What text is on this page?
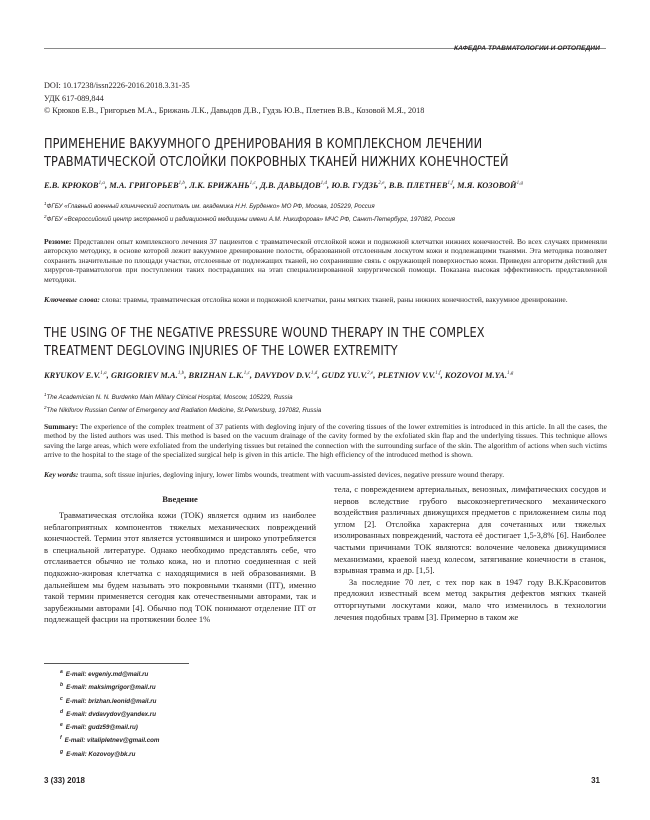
КАФЕДРА ТРАВМАТОЛОГИИ И ОРТОПЕДИИ
DOI: 10.17238/issn2226-2016.2018.3.31-35
УДК 617-089,844
© Крюков Е.В., Григорьев М.А., Брижань Л.К., Давыдов Д.В., Гудзь Ю.В., Плетнев В.В., Козовой М.Я., 2018
ПРИМЕНЕНИЕ ВАКУУМНОГО ДРЕНИРОВАНИЯ В КОМПЛЕКСНОМ ЛЕЧЕНИИ
ТРАВМАТИЧЕСКОЙ ОТСЛОЙКИ ПОКРОВНЫХ ТКАНЕЙ НИЖНИХ КОНЕЧНОСТЕЙ
Е.В. КРЮКОВ$^{1,a}$, М.А. ГРИГОРЬЕВ$^{1,b}$, Л.К. БРИЖАНЬ$^{1,c}$, Д.В. ДАВЫДОВ$^{1,d}$, Ю.В. ГУДЗЬ$^{2,e}$, В.В. ПЛЕТНЕВ$^{1,f}$, М.Я. КОЗОВОЙ$^{1,g}$
$^1$ФГБУ «Главный военный клинический госпиталь им. академика Н.Н. Бурденко» МО РФ, Москва, 105229, Россия
$^2$ФГБУ «Всероссийский центр экстренной и радиационной медицины имени А.М. Никифорова» МЧС РФ, Санкт-Петербург, 197082, Россия
Резюме: Представлен опыт комплексного лечения 37 пациентов с травматической отслойкой кожи и подкожной клетчатки нижних конечностей. Во всех случаях применяли авторскую методику, в основе которой лежит вакуумное дренирование полости, образованной отслоенным лоскутом кожи и подлежащими тканями. Эта методика позволяет сохранить значительные по площади участки, отслоенные от подлежащих тканей, но сохранившие связь с окружающей поверхностью кожи. Приведен алгоритм действий для хирургов-травматологов при поступлении таких пострадавших на этап специализированной хирургической помощи. Показана высокая эффективность представленной методики.
Ключевые слова: слова: травмы, травматическая отслойка кожи и подкожной клетчатки, раны мягких тканей, раны нижних конечностей, вакуумное дренирование.
THE USING OF THE NEGATIVE PRESSURE WOUND THERAPY IN THE COMPLEX
TREATMENT DEGLOVING INJURIES OF THE LOWER EXTREMITY
KRYUKOV E.V.$^{1,a}$, GRIGORIEV M.A.$^{1,b}$, BRIZHAN L.K.$^{1,c}$, DAVYDOV D.V.$^{1,d}$, GUDZ YU.V.$^{2,e}$, PLETNIOV V.V.$^{1,f}$, KOZOVOI M.YA.$^{1,g}$
$^1$The Academician N. N. Burdenko Main Military Clinical Hospital, Moscow, 105229, Russia
$^2$The Nikiforov Russian Center of Emergency and Radiation Medicine, St.Petersburg, 197082, Russia
Summary: The experience of the complex treatment of 37 patients with degloving injury of the covering tissues of the lower extremities is introduced in this article. In all the cases, the method by the listed authors was used. This method is based on the vacuum drainage of the cavity formed by the exfoliated skin flap and the underlying tissues. This technique allows saving the large areas, which were exfoliated from the underlying tissues but retained the connection with the surrounding surface of the skin. The algorithm of actions when such victims arrive to the hospital to the stage of the specialized surgical help is given in this article. The high efficiency of the introduced method is shown.
Key words: trauma, soft tissue injuries, degloving injury, lower limbs wounds, treatment with vacuum-assisted devices, negative pressure wound therapy.
Введение

Травматическая отслойка кожи (ТОК) является одним из наиболее неблагоприятных компонентов тяжелых механических повреждений конечностей. Термин этот является устоявшимся и широко употребляется в специальной литературе. Однако необходимо представлять себе, что отслаивается обычно не только кожа, но и плотно соединенная с ней подкожно-жировая клетчатка с находящимися в ней образованиями. В дальнейшем мы будем называть это покровными тканями (ПТ), именно такой термин применяется сегодня как отечественными авторами, так и зарубежными авторами [4]. Обычно под ТОК понимают отделение ПТ от подлежащей фасции на протяжении более 1%

тела, с повреждением артериальных, венозных, лимфатических сосудов и нервов вследствие грубого высокоэнергетического механического воздействия различных движущихся предметов с приложением силы под углом [2]. Отслойка характерна для сочетанных или тяжелых изолированных повреждений, частота её достигает 1,5-3,8% [6]. Наиболее частыми причинами ТОК являются: волочение человека движущимися механизмами, краевой наезд колесом, затягивание конечности в станок, взрывная травма и др. [1,5].

За последние 70 лет, с тех пор как в 1947 году В.К.Красовитов предложил известный всем метод закрытия дефектов мягких тканей отторгнутыми лоскутами кожи, мало что изменилось в технологии лечения подобных травм [3]. Примерно в таком же

$^a$ E-mail: evgeniy.md@mail.ru
$^b$ E-mail: maksimgrigor@mail.ru
$^c$ E-mail: brizhan.leonid@mail.ru
$^d$ E-mail: dvdavydov@yandex.ru
$^e$ E-mail: gudz59@mail.ru)
$^f$ E-mail: vitalipletnev@gmail.com
$^g$ E-mail: Kozovoy@bk.ru
3 (33) 2018	31
